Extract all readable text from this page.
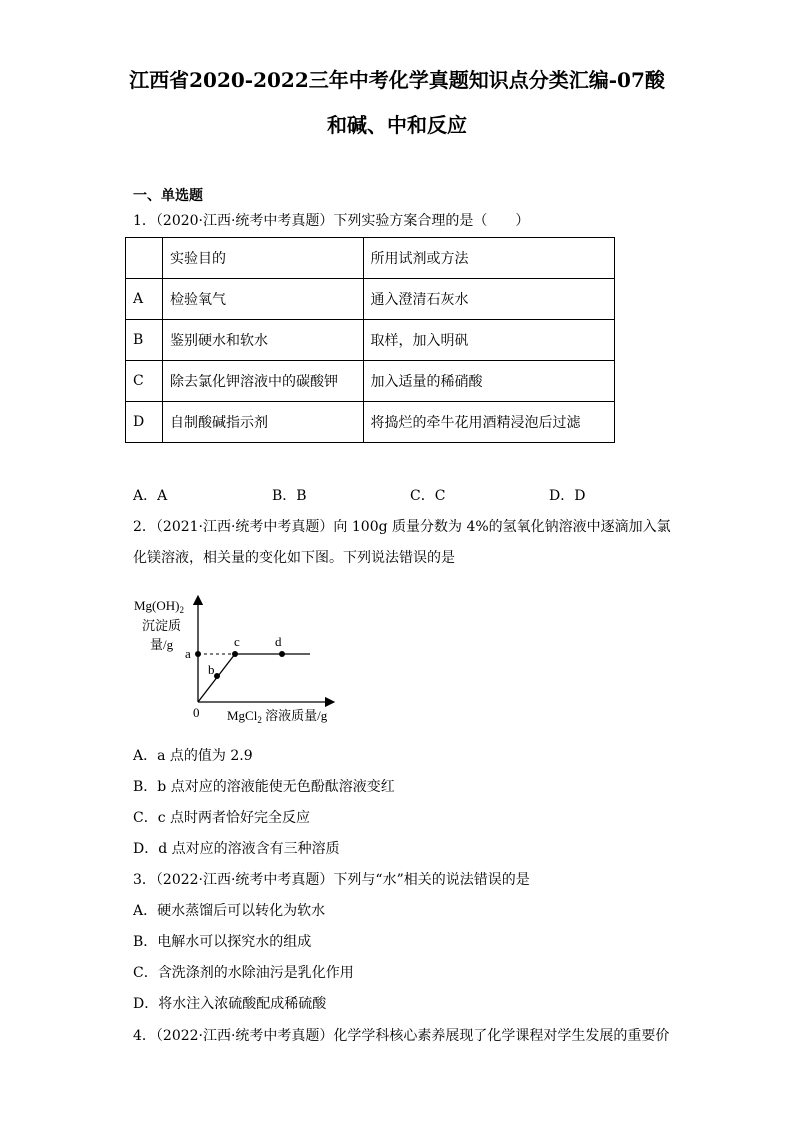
江西省2020-2022三年中考化学真题知识点分类汇编-07酸
和碱、中和反应
一、单选题
1．（2020·江西·统考中考真题）下列实验方案合理的是（　　）
	实验目的	所用试剂或方法
A	检验氧气	通入澄清石灰水
B	鉴别硬水和软水	取样，加入明矾
C	除去氯化钾溶液中的碳酸钾	加入适量的稀硝酸
D	自制酸碱指示剂	将捣烂的牵牛花用酒精浸泡后过滤
A．A	B．B	C．C	D．D
2．（2021·江西·统考中考真题）向 100g 质量分数为 4%的氢氧化钠溶液中逐滴加入氯
化镁溶液，相关量的变化如下图。下列说法错误的是
$Mg(OH)_2$
沉淀质
量/g
a
b
c	d
0 MgCl$_2$ 溶液质量/g
A．a 点的值为 2.9
B．b 点对应的溶液能使无色酚酞溶液变红
C．c 点时两者恰好完全反应
D．d 点对应的溶液含有三种溶质
3．（2022·江西·统考中考真题）下列与“水”相关的说法错误的是
A．硬水蒸馏后可以转化为软水
B．电解水可以探究水的组成
C．含洗涤剂的水除油污是乳化作用
D．将水注入浓硫酸配成稀硫酸
4．（2022·江西·统考中考真题）化学学科核心素养展现了化学课程对学生发展的重要价
